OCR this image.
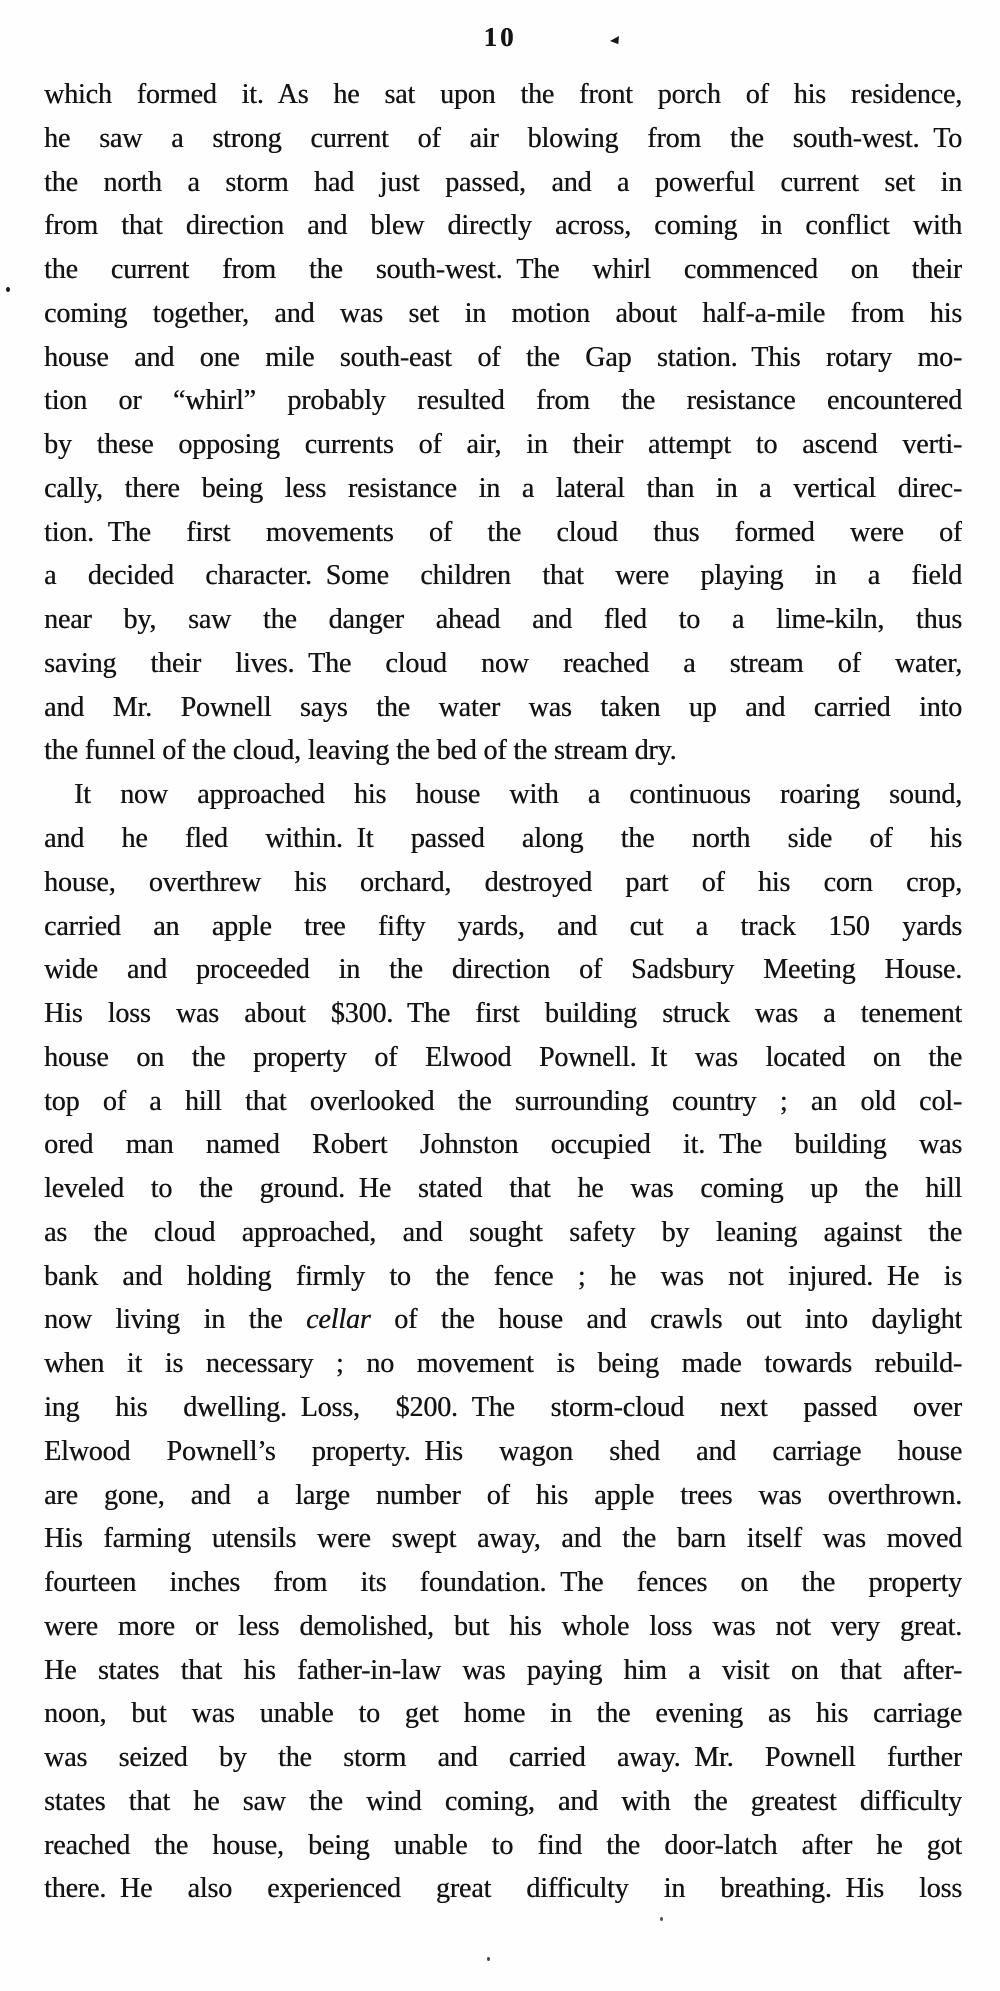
10
which formed it. As he sat upon the front porch of his residence,
he saw a strong current of air blowing from the south-west. To
the north a storm had just passed, and a powerful current set in
from that direction and blew directly across, coming in conflict with
the current from the south-west. The whirl commenced on their
coming together, and was set in motion about half-a-mile from his
house and one mile south-east of the Gap station. This rotary mo-
tion or “whirl” probably resulted from the resistance encountered
by these opposing currents of air, in their attempt to ascend verti-
cally, there being less resistance in a lateral than in a vertical direc-
tion. The first movements of the cloud thus formed were of
a decided character. Some children that were playing in a field
near by, saw the danger ahead and fled to a lime-kiln, thus
saving their lives. The cloud now reached a stream of water,
and Mr. Pownell says the water was taken up and carried into
the funnel of the cloud, leaving the bed of the stream dry.
It now approached his house with a continuous roaring sound,
and he fled within. It passed along the north side of his
house, overthrew his orchard, destroyed part of his corn crop,
carried an apple tree fifty yards, and cut a track 150 yards
wide and proceeded in the direction of Sadsbury Meeting House.
His loss was about $300. The first building struck was a tenement
house on the property of Elwood Pownell. It was located on the
top of a hill that overlooked the surrounding country ; an old col-
ored man named Robert Johnston occupied it. The building was
leveled to the ground. He stated that he was coming up the hill
as the cloud approached, and sought safety by leaning against the
bank and holding firmly to the fence ; he was not injured. He is
now living in the cellar of the house and crawls out into daylight
when it is necessary ; no movement is being made towards rebuild-
ing his dwelling. Loss, $200. The storm-cloud next passed over
Elwood Pownell’s property. His wagon shed and carriage house
are gone, and a large number of his apple trees was overthrown.
His farming utensils were swept away, and the barn itself was moved
fourteen inches from its foundation. The fences on the property
were more or less demolished, but his whole loss was not very great.
He states that his father-in-law was paying him a visit on that after-
noon, but was unable to get home in the evening as his carriage
was seized by the storm and carried away. Mr. Pownell further
states that he saw the wind coming, and with the greatest difficulty
reached the house, being unable to find the door-latch after he got
there. He also experienced great difficulty in breathing. His loss
